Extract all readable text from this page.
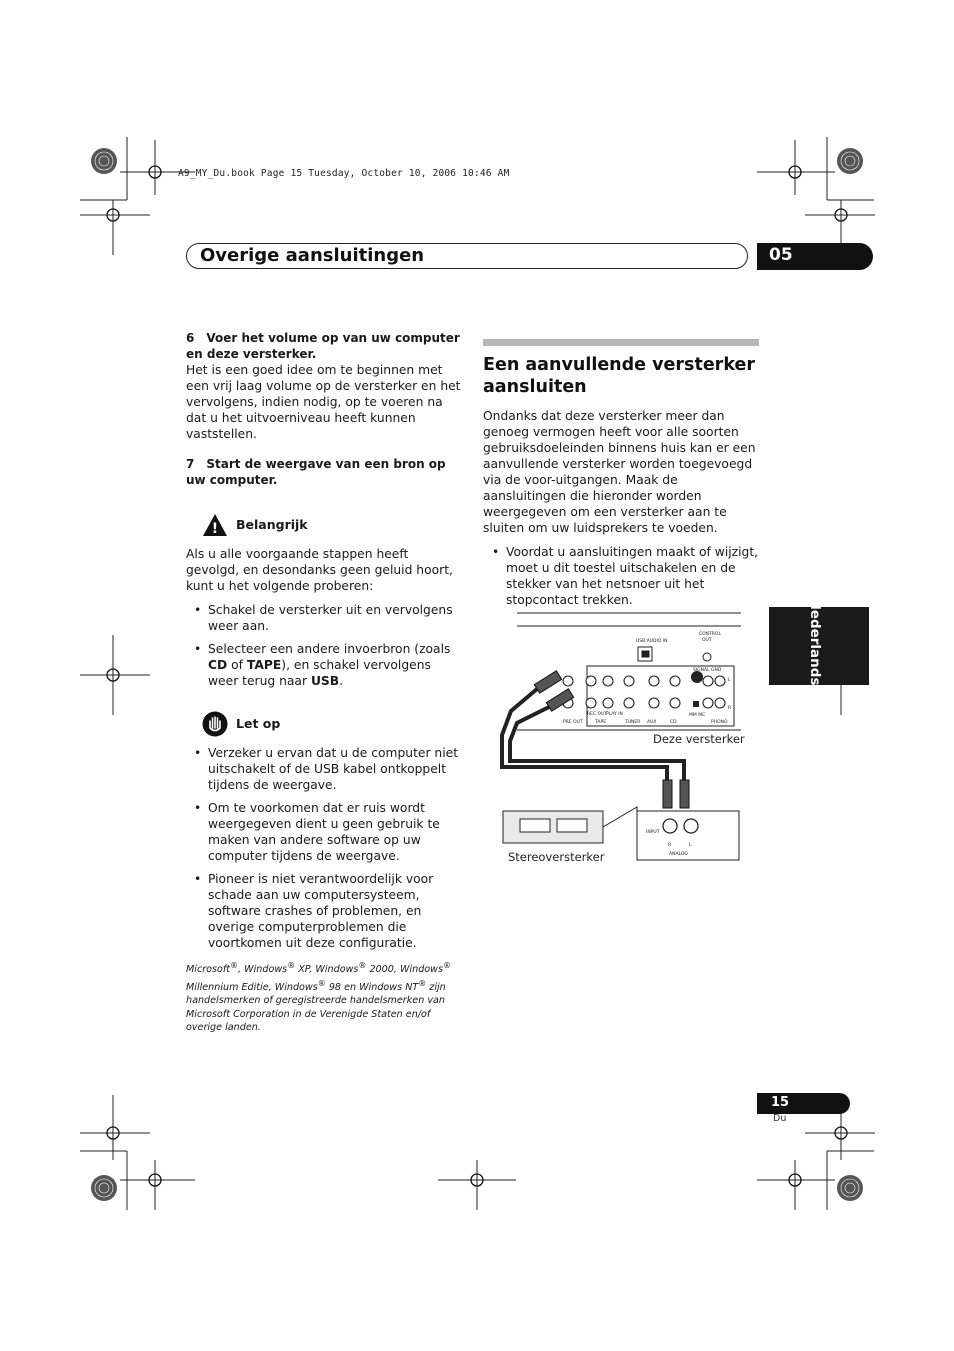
A9_MY_Du.book Page 15 Tuesday, October 10, 2006 10:46 AM
Overige aansluitingen	05
Nederlands

6 Voer het volume op van uw computer en deze versterker.

Het is een goed idee om te beginnen met een vrij laag volume op de versterker en het vervolgens, indien nodig, op te voeren na dat u het uitvoerniveau heeft kunnen vaststellen.

7 Start de weergave van een bron op uw computer.

! Belangrijk

Als u alle voorgaande stappen heeft gevolgd, en desondanks geen geluid hoort, kunt u het volgende proberen:

• Schakel de versterker uit en vervolgens weer aan.
• Selecteer een andere invoerbron (zoals CD of TAPE), en schakel vervolgens weer terug naar USB.
Let op
• Verzeker u ervan dat u de computer niet uitschakelt of de USB kabel ontkoppelt tijdens de weergave.
• Om te voorkomen dat er ruis wordt weergegeven dient u geen gebruik te maken van andere software op uw computer tijdens de weergave.
• Pioneer is niet verantwoordelijk voor schade aan uw computersysteem, software crashes of problemen, en overige computerproblemen die voortkomen uit deze configuratie.
Microsoft®, Windows® XP, Windows® 2000, Windows® Millennium Editie, Windows® 98 en Windows NT® zijn handelsmerken of geregistreerde handelsmerken van Microsoft Corporation in de Verenigde Staten en/of overige landen.
Een aanvullende versterker aansluiten

Ondanks dat deze versterker meer dan genoeg vermogen heeft voor alle soorten gebruiksdoeleinden binnens huis kan er een aanvullende versterker worden toegevoegd via de voor-uitgangen. Maak de aansluitingen die hieronder worden weergegeven om een versterker aan te sluiten om uw luidsprekers te voeden.

• Voordat u aansluitingen maakt of wijzigt, moet u dit toestel uitschakelen en de stekker van het netsnoer uit het stopcontact trekken.
USB AUDIO IN
CONTROL
OUT
SIGNAL GND
PRE OUT	TAPE	TUNER AUX	CD	PHONO
REC OUT
PLAY IN	MM MC
L
R
INPUT
R	L
ANALOG
Deze versterker
Stereoversterker
15
Du
